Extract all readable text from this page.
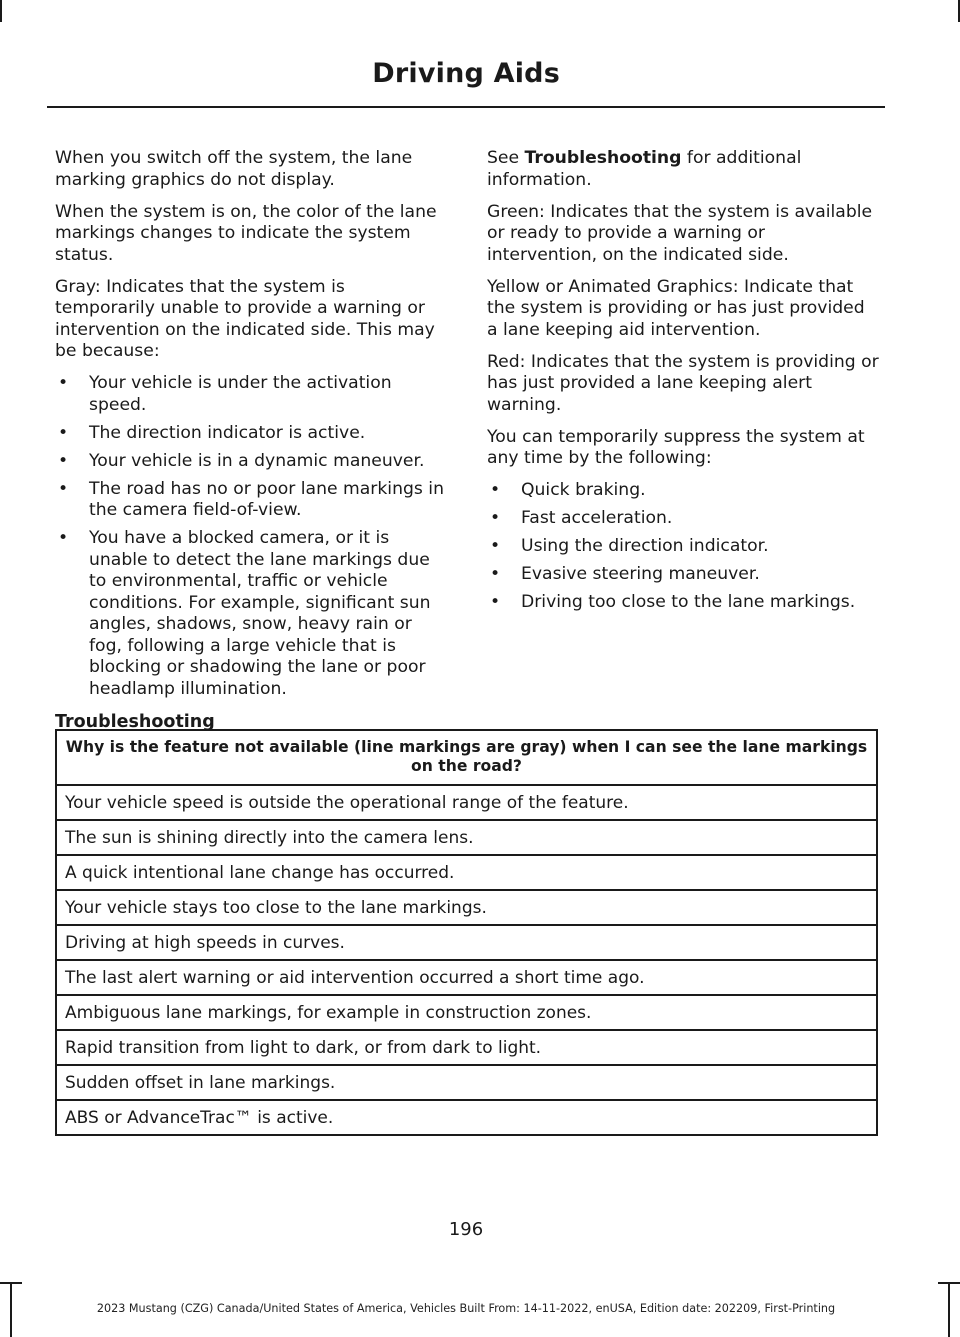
Driving Aids

When you switch off the system, the lane marking graphics do not display.

When the system is on, the color of the lane markings changes to indicate the system status.

Gray: Indicates that the system is temporarily unable to provide a warning or intervention on the indicated side. This may be because:

• Your vehicle is under the activation speed.
• The direction indicator is active.
• Your vehicle is in a dynamic maneuver.
• The road has no or poor lane markings in the camera field-of-view.
• You have a blocked camera, or it is unable to detect the lane markings due to environmental, traffic or vehicle conditions. For example, significant sun angles, shadows, snow, heavy rain or fog, following a large vehicle that is blocking or shadowing the lane or poor headlamp illumination.

See Troubleshooting for additional information.

Green: Indicates that the system is available or ready to provide a warning or intervention, on the indicated side.

Yellow or Animated Graphics: Indicate that the system is providing or has just provided a lane keeping aid intervention.

Red: Indicates that the system is providing or has just provided a lane keeping alert warning.

You can temporarily suppress the system at any time by the following:

• Quick braking.
• Fast acceleration.
• Using the direction indicator.
• Evasive steering maneuver.
• Driving too close to the lane markings.
Troubleshooting
Why is the feature not available (line markings are gray) when I can see the lane markings on the road?
Your vehicle speed is outside the operational range of the feature.
The sun is shining directly into the camera lens.
A quick intentional lane change has occurred.
Your vehicle stays too close to the lane markings.
Driving at high speeds in curves.
The last alert warning or aid intervention occurred a short time ago.
Ambiguous lane markings, for example in construction zones.
Rapid transition from light to dark, or from dark to light.
Sudden offset in lane markings.
ABS or AdvanceTrac™ is active.
196
2023 Mustang (CZG) Canada/United States of America, Vehicles Built From: 14-11-2022, enUSA, Edition date: 202209, First-Printing
